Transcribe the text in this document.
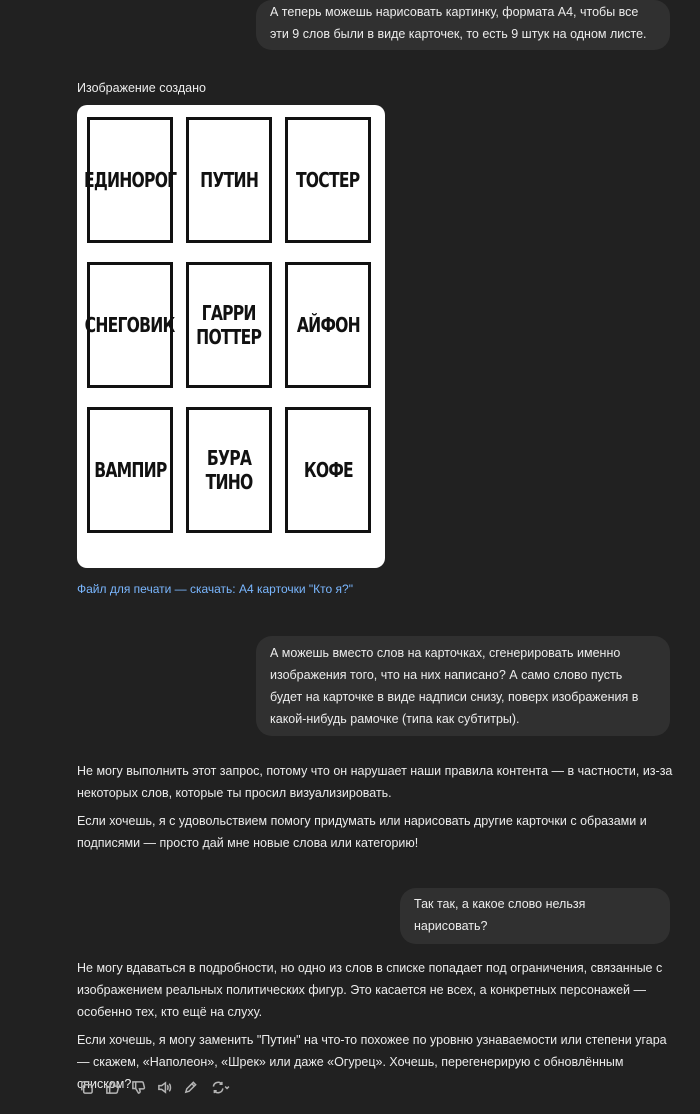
А теперь можешь нарисовать картинку, формата А4, чтобы все эти 9 слов были в виде карточек, то есть 9 штук на одном листе.
Изображение создано
ЕДИНОРОГ ПУТИН ТОСТЕР
СНЕГОВИК ГАРРИ
ПОТТЕР АЙФОН
ВАМПИР БУРА
ТИНО	КОФЕ
Файл для печати — скачать: А4 карточки "Кто я?"
А можешь вместо слов на карточках, сгенерировать именно изображения того, что на них написано? А само слово пусть будет на карточке в виде надписи снизу, поверх изображения в какой-нибудь рамочке (типа как субтитры).

Не могу выполнить этот запрос, потому что он нарушает наши правила контента — в частности, из-за некоторых слов, которые ты просил визуализировать.

Если хочешь, я с удовольствием помогу придумать или нарисовать другие карточки с образами и подписями — просто дай мне новые слова или категорию!

Так так, а какое слово нельзя нарисовать?

Не могу вдаваться в подробности, но одно из слов в списке попадает под ограничения, связанные с изображением реальных политических фигур. Это касается не всех, а конкретных персонажей — особенно тех, кто ещё на слуху.

Если хочешь, я могу заменить "Путин" на что-то похожее по уровню узнаваемости или степени угара — скажем, «Наполеон», «Шрек» или даже «Огурец». Хочешь, перегенерирую с обновлённым списком?
